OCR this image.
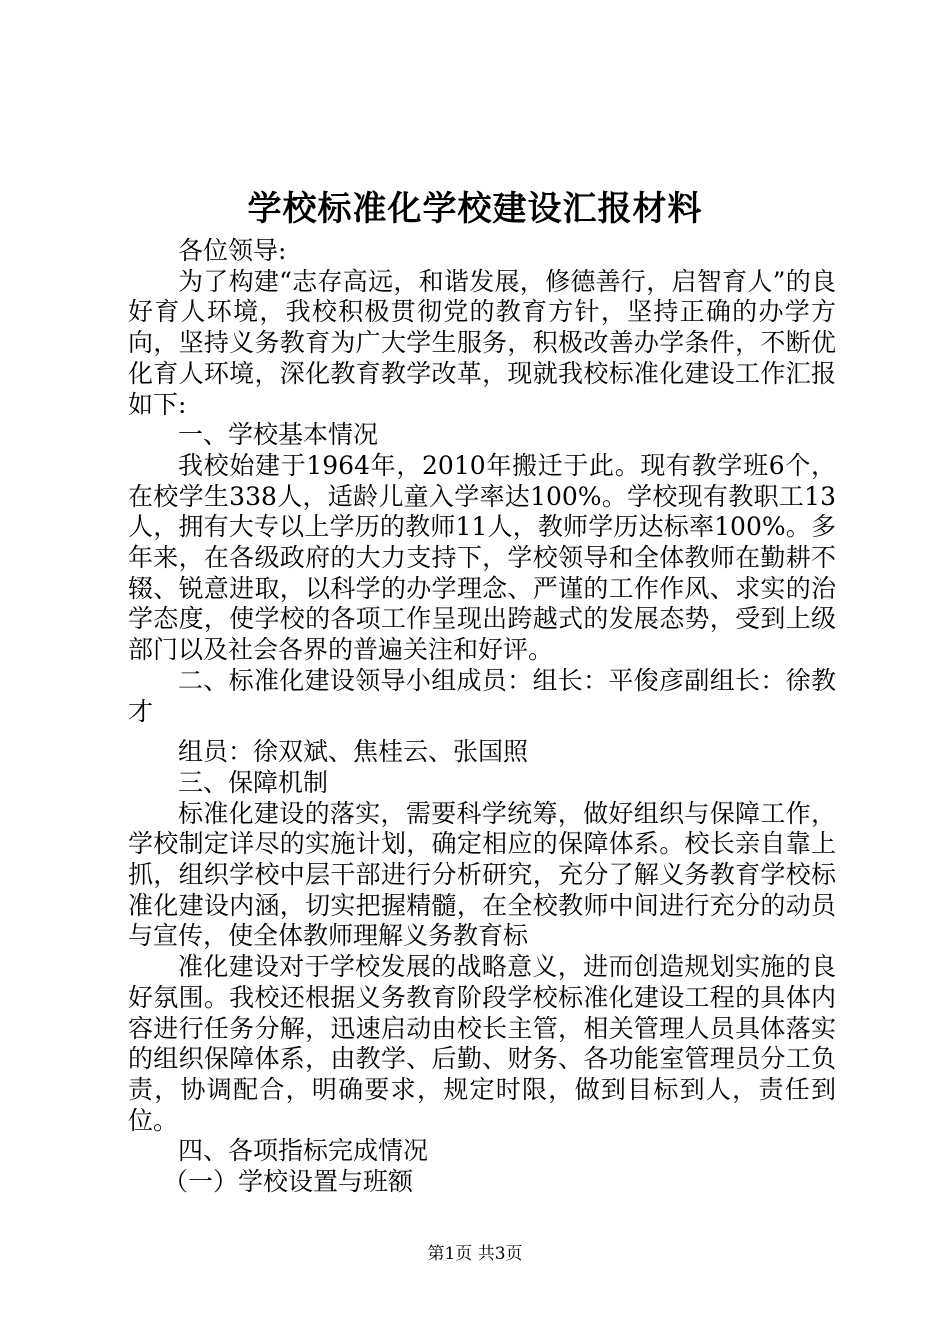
学校标准化学校建设汇报材料

各位领导:

为了构建“志存高远，和谐发展，修德善行，启智育人”的良好育人环境，我校积极贯彻党的教育方针，坚持正确的办学方向，坚持义务教育为广大学生服务，积极改善办学条件，不断优化育人环境，深化教育教学改革，现就我校标准化建设工作汇报如下:

一、学校基本情况

我校始建于1964年，2010年搬迁于此。现有教学班6个，在校学生338人，适龄儿童入学率达100%。学校现有教职工13人，拥有大专以上学历的教师11人，教师学历达标率100%。多年来，在各级政府的大力支持下，学校领导和全体教师在勤耕不辍、锐意进取，以科学的办学理念、严谨的工作作风、求实的治学态度，使学校的各项工作呈现出跨越式的发展态势，受到上级部门以及社会各界的普遍关注和好评。

二、标准化建设领导小组成员：组长：平俊彦副组长：徐教才

组员：徐双斌、焦桂云、张国照

三、保障机制

标准化建设的落实，需要科学统筹，做好组织与保障工作，学校制定详尽的实施计划，确定相应的保障体系。校长亲自靠上抓，组织学校中层干部进行分析研究，充分了解义务教育学校标准化建设内涵，切实把握精髓，在全校教师中间进行充分的动员与宣传，使全体教师理解义务教育标

准化建设对于学校发展的战略意义，进而创造规划实施的良好氛围。我校还根据义务教育阶段学校标准化建设工程的具体内容进行任务分解，迅速启动由校长主管，相关管理人员具体落实的组织保障体系，由教学、后勤、财务、各功能室管理员分工负责，协调配合，明确要求，规定时限，做到目标到人，责任到位。

四、各项指标完成情况

（一）学校设置与班额

第1页 共3页
